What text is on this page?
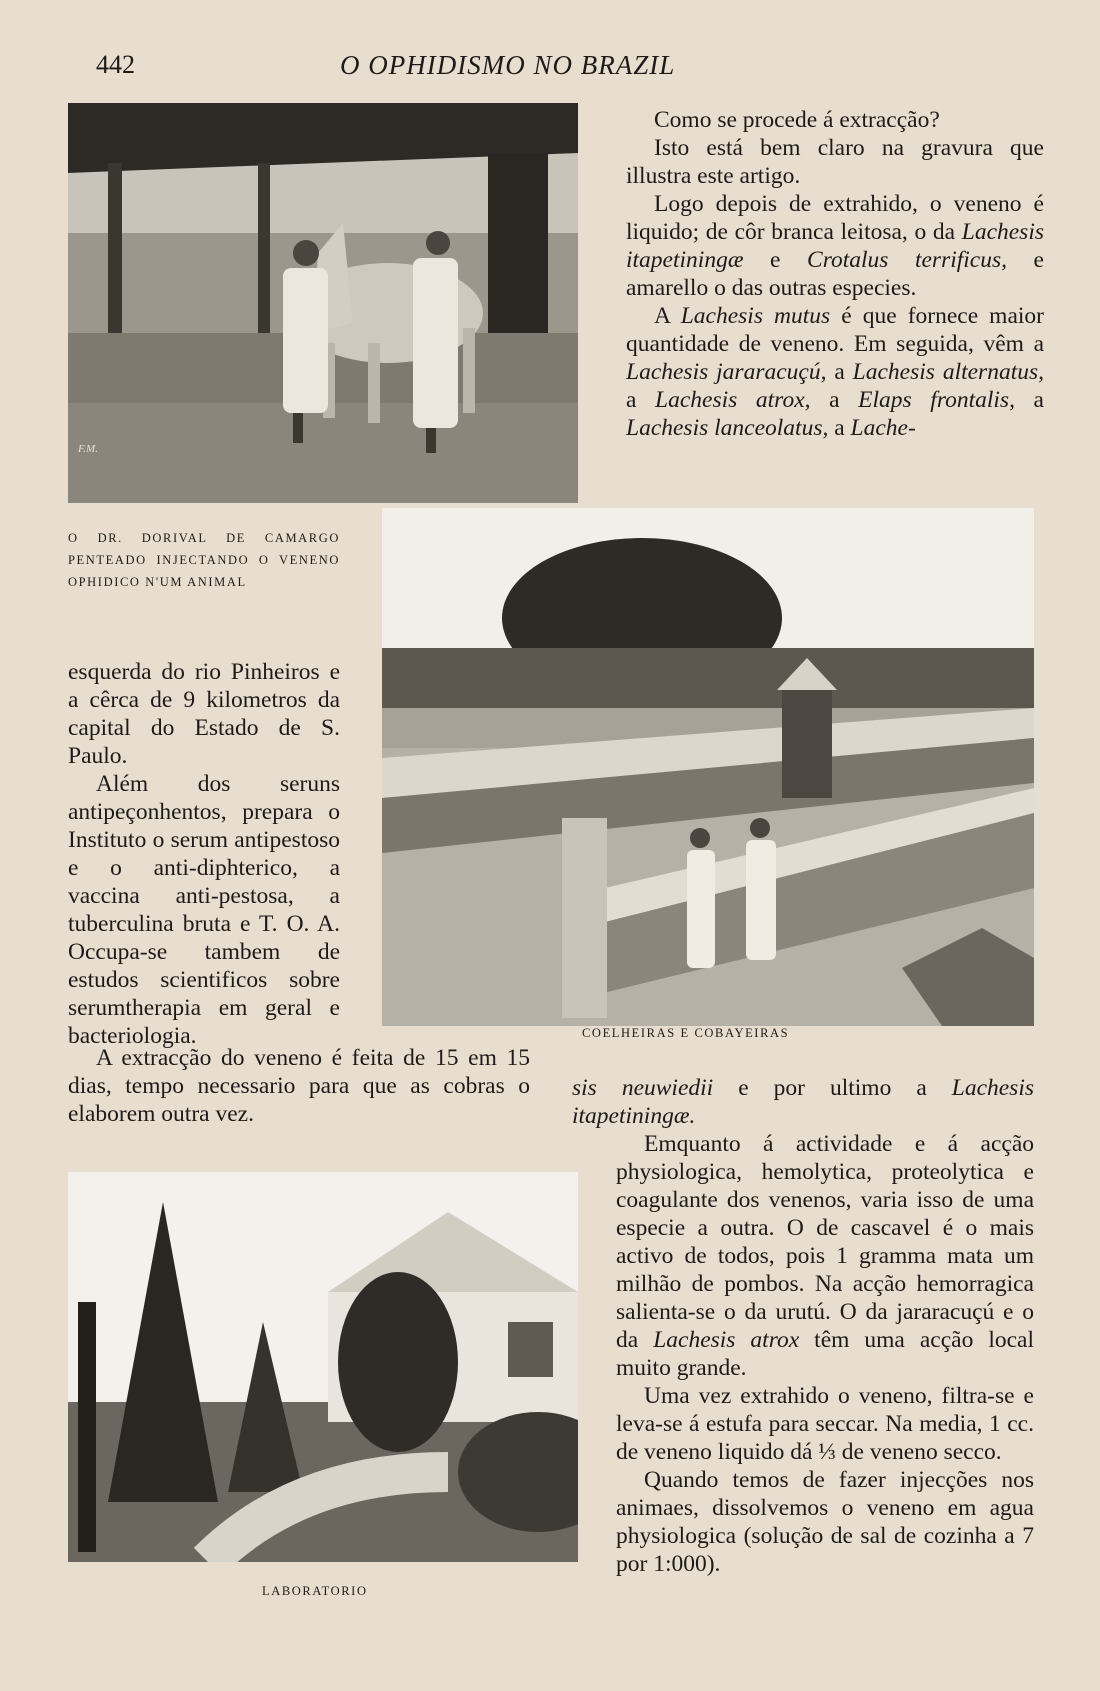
442	O OPHIDISMO NO BRAZIL
F.M.

Como se procede á extracção?

Isto está bem claro na gravura que illustra este artigo.

Logo depois de extrahido, o veneno é liquido; de côr branca leitosa, o da Lachesis itapetiningæ e Crotalus terrificus, e amarello o das outras especies.

A Lachesis mutus é que fornece maior quantidade de veneno. Em seguida, vêm a Lachesis jararacuçú, a Lachesis alternatus, a Lachesis atrox, a Elaps frontalis, a Lachesis lanceolatus, a Lache-

O DR. DORIVAL DE CAMARGO PENTEADO INJECTANDO O VENENO OPHIDICO N'UM ANIMAL

esquerda do rio Pinheiros e a cêrca de 9 kilometros da capital do Estado de S. Paulo.

Além dos seruns antipeçonhentos, prepara o Instituto o serum antipestoso e o anti-diphterico, a vaccina anti-pestosa, a tuberculina bruta e T. O. A. Occupa-se tambem de estudos scientificos sobre serumtherapia em geral e bacteriologia.

A extracção do veneno é feita de 15 em 15 dias, tempo necessario para que as cobras o elaborem outra vez.

COELHEIRAS E COBAYEIRAS

sis neuwiedii e por ultimo a Lachesis itapetiningæ.

Emquanto á actividade e á acção physiologica, hemolytica, proteolytica e coagulante dos venenos, varia isso de uma especie a outra. O de cascavel é o mais activo de todos, pois 1 gramma mata um milhão de pombos. Na acção hemorragica salienta-se o da urutú. O da jararacuçú e o da Lachesis atrox têm uma acção local muito grande.

Uma vez extrahido o veneno, filtra-se e leva-se á estufa para seccar. Na media, 1 cc. de veneno liquido dá ⅓ de veneno secco.

Quando temos de fazer injecções nos animaes, dissolvemos o veneno em agua physiologica (solução de sal de cozinha a 7 por 1:000).

LABORATORIO
